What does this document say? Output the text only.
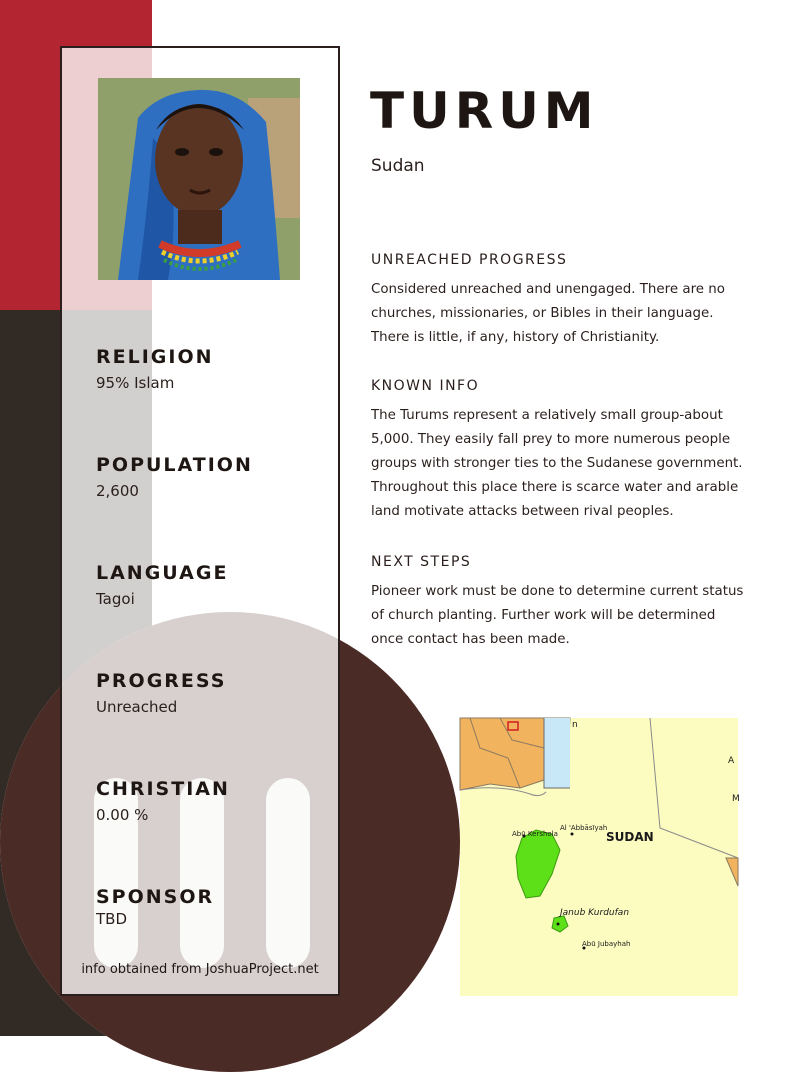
RELIGION
95% Islam
POPULATION
2,600
LANGUAGE
Tagoi
PROGRESS
Unreached
CHRISTIAN
0.00 %
SPONSOR
TBD
info obtained from JoshuaProject.net
TURUM
Sudan
UNREACHED PROGRESS
Considered unreached and unengaged. There are no churches, missionaries, or Bibles in their language. There is little, if any, history of Christianity.
KNOWN INFO
The Turums represent a relatively small group-about 5,000. They easily fall prey to more numerous people groups with stronger ties to the Sudanese government. Throughout this place there is scarce water and arable land motivate attacks between rival peoples.
NEXT STEPS
Pioneer work must be done to determine current status of church planting. Further work will be determined once contact has been made.
n
A
M
Abū Kershola
Al 'Abbāsīyah
SUDAN
Janub Kurdufan
Abū Jubayhah
